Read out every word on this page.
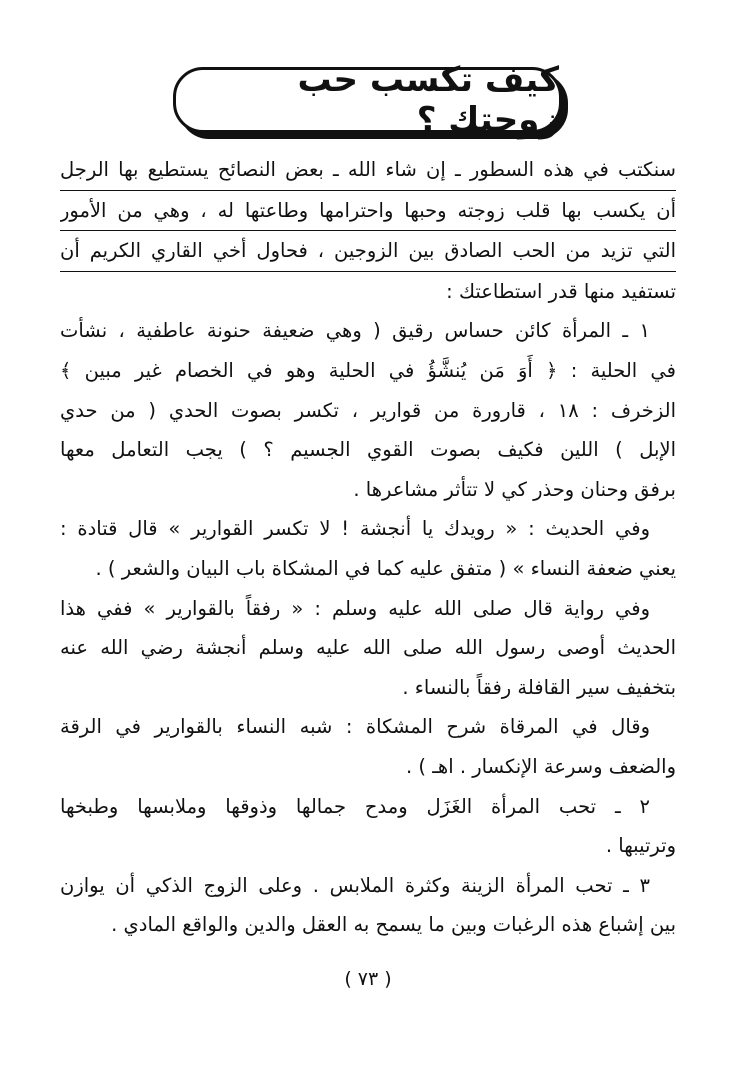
كيف تكسب حب زوجتك ؟
سنكتب في هذه السطور ـ إن شاء الله ـ بعض النصائح يستطيع بها الرجل
أن يكسب بها قلب زوجته وحبها واحترامها وطاعتها له ، وهي من الأمور
التي تزيد من الحب الصادق بين الزوجين ، فحاول أخي القاري الكريم أن
تستفيد منها قدر استطاعتك :
١ ـ المرأة كائن حساس رقيق ( وهي ضعيفة حنونة عاطفية ، نشأت
في الحلية : ﴿ أَوَ مَن يُنشَّؤُ في الحلية وهو في الخصام غير مبين ﴾
الزخرف : ١٨ ، قارورة من قوارير ، تكسر بصوت الحدي ( من حدي
الإبل ) اللين فكيف بصوت القوي الجسيم ؟ ) يجب التعامل معها
برفق وحنان وحذر كي لا تتأثر مشاعرها .
وفي الحديث : « رويدك يا أنجشة ! لا تكسر القوارير » قال قتادة :
يعني ضعفة النساء » ( متفق عليه كما في المشكاة باب البيان والشعر ) .
وفي رواية قال صلى الله عليه وسلم : « رفقاً بالقوارير » ففي هذا
الحديث أوصى رسول الله صلى الله عليه وسلم أنجشة رضي الله عنه
بتخفيف سير القافلة رفقاً بالنساء .
وقال في المرقاة شرح المشكاة : شبه النساء بالقوارير في الرقة
والضعف وسرعة الإنكسار . اهـ ) .
٢ ـ تحب المرأة الغَزَل ومدح جمالها وذوقها وملابسها وطبخها
وترتيبها .
٣ ـ تحب المرأة الزينة وكثرة الملابس . وعلى الزوج الذكي أن يوازن
بين إشباع هذه الرغبات وبين ما يسمح به العقل والدين والواقع المادي .
( ٧٣ )
